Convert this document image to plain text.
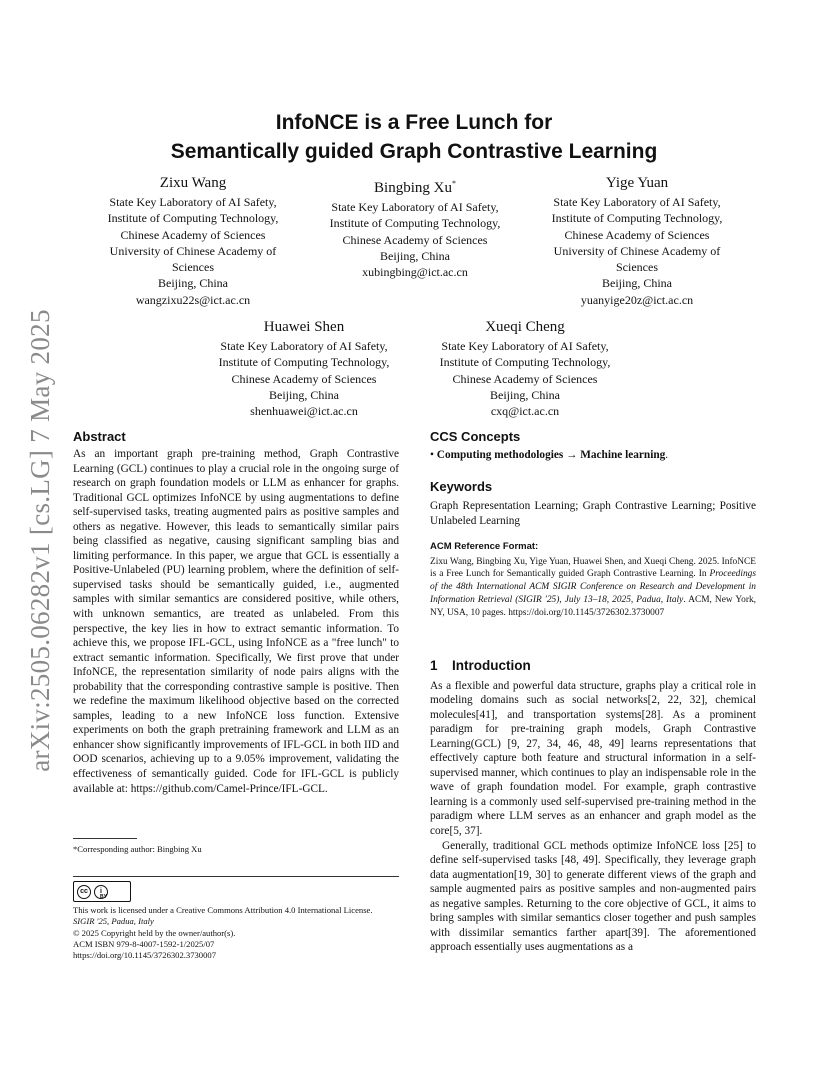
arXiv:2505.06282v1 [cs.LG] 7 May 2025
InfoNCE is a Free Lunch for
Semantically guided Graph Contrastive Learning
Zixu Wang
State Key Laboratory of AI Safety,
Institute of Computing Technology,
Chinese Academy of Sciences
University of Chinese Academy of
Sciences
Beijing, China
wangzixu22s@ict.ac.cn
Bingbing Xu*
State Key Laboratory of AI Safety,
Institute of Computing Technology,
Chinese Academy of Sciences
Beijing, China
xubingbing@ict.ac.cn
Yige Yuan
State Key Laboratory of AI Safety,
Institute of Computing Technology,
Chinese Academy of Sciences
University of Chinese Academy of
Sciences
Beijing, China
yuanyige20z@ict.ac.cn
Huawei Shen
State Key Laboratory of AI Safety,
Institute of Computing Technology,
Chinese Academy of Sciences
Beijing, China
shenhuawei@ict.ac.cn
Xueqi Cheng
State Key Laboratory of AI Safety,
Institute of Computing Technology,
Chinese Academy of Sciences
Beijing, China
cxq@ict.ac.cn
Abstract
As an important graph pre-training method, Graph Contrastive Learning (GCL) continues to play a crucial role in the ongoing surge of research on graph foundation models or LLM as enhancer for graphs. Traditional GCL optimizes InfoNCE by using augmentations to define self-supervised tasks, treating augmented pairs as positive samples and others as negative. However, this leads to semantically similar pairs being classified as negative, causing significant sampling bias and limiting performance. In this paper, we argue that GCL is essentially a Positive-Unlabeled (PU) learning problem, where the definition of self-supervised tasks should be semantically guided, i.e., augmented samples with similar semantics are considered positive, while others, with unknown semantics, are treated as unlabeled. From this perspective, the key lies in how to extract semantic information. To achieve this, we propose IFL-GCL, using InfoNCE as a "free lunch" to extract semantic information. Specifically, We first prove that under InfoNCE, the representation similarity of node pairs aligns with the probability that the corresponding contrastive sample is positive. Then we redefine the maximum likelihood objective based on the corrected samples, leading to a new InfoNCE loss function. Extensive experiments on both the graph pretraining framework and LLM as an enhancer show significantly improvements of IFL-GCL in both IID and OOD scenarios, achieving up to a 9.05% improvement, validating the effectiveness of semantically guided. Code for IFL-GCL is publicly available at: https://github.com/Camel-Prince/IFL-GCL.
*Corresponding author: Bingbing Xu
cc	i
BY
This work is licensed under a Creative Commons Attribution 4.0 International License.
SIGIR '25, Padua, Italy
© 2025 Copyright held by the owner/author(s).
ACM ISBN 979-8-4007-1592-1/2025/07
https://doi.org/10.1145/3726302.3730007
CCS Concepts
• Computing methodologies → Machine learning.
Keywords
Graph Representation Learning; Graph Contrastive Learning; Positive Unlabeled Learning
ACM Reference Format:
Zixu Wang, Bingbing Xu, Yige Yuan, Huawei Shen, and Xueqi Cheng. 2025. InfoNCE is a Free Lunch for Semantically guided Graph Contrastive Learning. In Proceedings of the 48th International ACM SIGIR Conference on Research and Development in Information Retrieval (SIGIR '25), July 13–18, 2025, Padua, Italy. ACM, New York, NY, USA, 10 pages. https://doi.org/10.1145/3726302.3730007
1 Introduction
As a flexible and powerful data structure, graphs play a critical role in modeling domains such as social networks[2, 22, 32], chemical molecules[41], and transportation systems[28]. As a prominent paradigm for pre-training graph models, Graph Contrastive Learning(GCL) [9, 27, 34, 46, 48, 49] learns representations that effectively capture both feature and structural information in a self-supervised manner, which continues to play an indispensable role in the wave of graph foundation model. For example, graph contrastive learning is a commonly used self-supervised pre-training method in the paradigm where LLM serves as an enhancer and graph model as the core[5, 37].
Generally, traditional GCL methods optimize InfoNCE loss [25] to define self-supervised tasks [48, 49]. Specifically, they leverage graph data augmentation[19, 30] to generate different views of the graph and sample augmented pairs as positive samples and non-augmented pairs as negative samples. Returning to the core objective of GCL, it aims to bring samples with similar semantics closer together and push samples with dissimilar semantics farther apart[39]. The aforementioned approach essentially uses augmentations as a
